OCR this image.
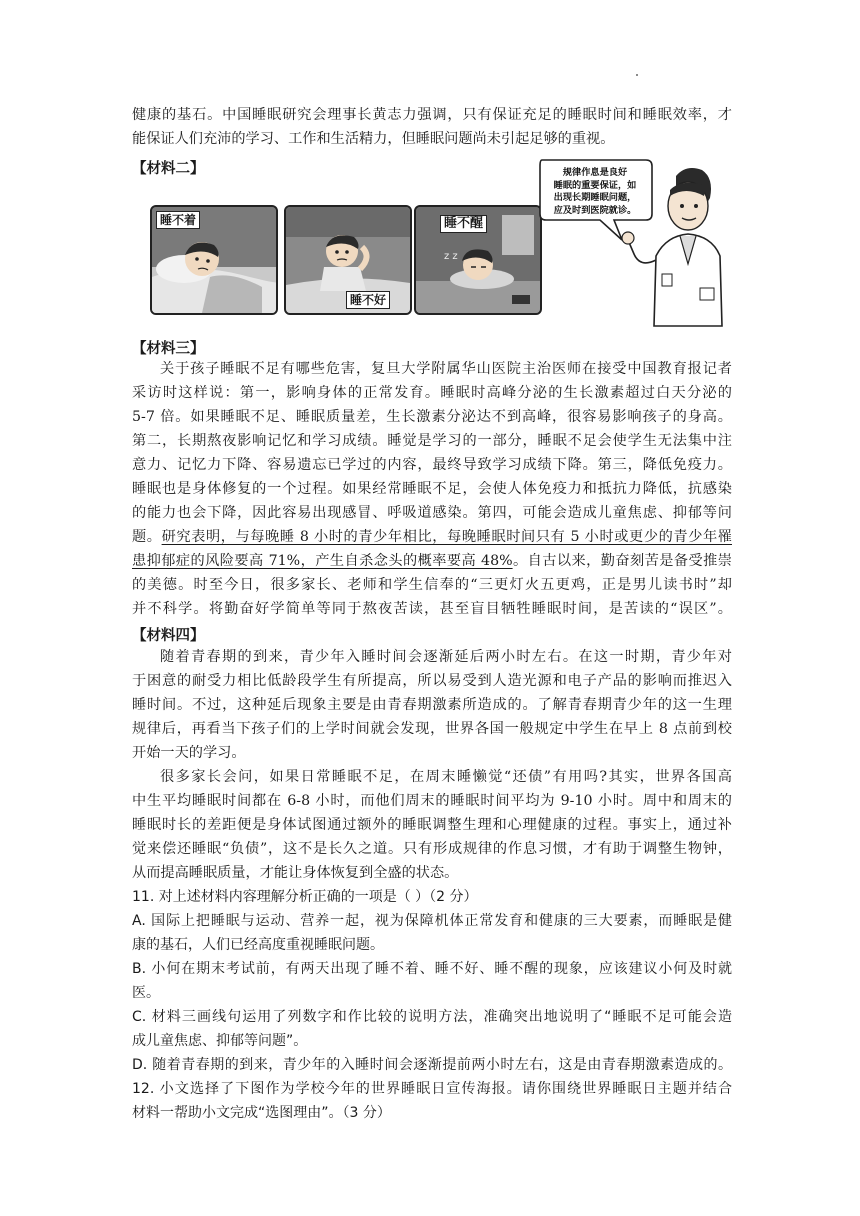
健康的基石。中国睡眠研究会理事长黄志力强调，只有保证充足的睡眠时间和睡眠效率，才
能保证人们充沛的学习、工作和生活精力，但睡眠问题尚未引起足够的重视。
【材料二】
睡不着
睡不好
z z
睡不醒
规律作息是良好
睡眠的重要保证，如
出现长期睡眠问题，
应及时到医院就诊。
【材料三】
关于孩子睡眠不足有哪些危害，复旦大学附属华山医院主治医师在接受中国教育报记者
采访时这样说：第一，影响身体的正常发育。睡眠时高峰分泌的生长激素超过白天分泌的
5-7 倍。如果睡眠不足、睡眠质量差，生长激素分泌达不到高峰，很容易影响孩子的身高。
第二，长期熬夜影响记忆和学习成绩。睡觉是学习的一部分，睡眠不足会使学生无法集中注
意力、记忆力下降、容易遗忘已学过的内容，最终导致学习成绩下降。第三，降低免疫力。
睡眠也是身体修复的一个过程。如果经常睡眠不足，会使人体免疫力和抵抗力降低，抗感染
的能力也会下降，因此容易出现感冒、呼吸道感染。第四，可能会造成儿童焦虑、抑郁等问
题。研究表明，与每晚睡 8 小时的青少年相比，每晚睡眠时间只有 5 小时或更少的青少年罹
患抑郁症的风险要高 71%，产生自杀念头的概率要高 48%。自古以来，勤奋刻苦是备受推崇
的美德。时至今日，很多家长、老师和学生信奉的“三更灯火五更鸡，正是男儿读书时”却
并不科学。将勤奋好学简单等同于熬夜苦读，甚至盲目牺牲睡眠时间，是苦读的“误区”。
【材料四】
随着青春期的到来，青少年入睡时间会逐渐延后两小时左右。在这一时期，青少年对
于困意的耐受力相比低龄段学生有所提高，所以易受到人造光源和电子产品的影响而推迟入
睡时间。不过，这种延后现象主要是由青春期激素所造成的。了解青春期青少年的这一生理
规律后，再看当下孩子们的上学时间就会发现，世界各国一般规定中学生在早上 8 点前到校
开始一天的学习。
很多家长会问，如果日常睡眠不足，在周末睡懒觉“还债”有用吗?其实，世界各国高
中生平均睡眠时间都在 6-8 小时，而他们周末的睡眠时间平均为 9-10 小时。周中和周末的
睡眠时长的差距便是身体试图通过额外的睡眠调整生理和心理健康的过程。事实上，通过补
觉来偿还睡眠“负债”，这不是长久之道。只有形成规律的作息习惯，才有助于调整生物钟，
从而提高睡眠质量，才能让身体恢复到全盛的状态。
11. 对上述材料内容理解分析正确的一项是（ ）（2 分）
A. 国际上把睡眠与运动、营养一起，视为保障机体正常发育和健康的三大要素，而睡眠是健
康的基石，人们已经高度重视睡眠问题。
B. 小何在期末考试前，有两天出现了睡不着、睡不好、睡不醒的现象，应该建议小何及时就
医。
C. 材料三画线句运用了列数字和作比较的说明方法，准确突出地说明了“睡眠不足可能会造
成儿童焦虑、抑郁等问题”。
D. 随着青春期的到来，青少年的入睡时间会逐渐提前两小时左右，这是由青春期激素造成的。
12. 小文选择了下图作为学校今年的世界睡眠日宣传海报。请你围绕世界睡眠日主题并结合
材料一帮助小文完成“选图理由”。（3 分）
